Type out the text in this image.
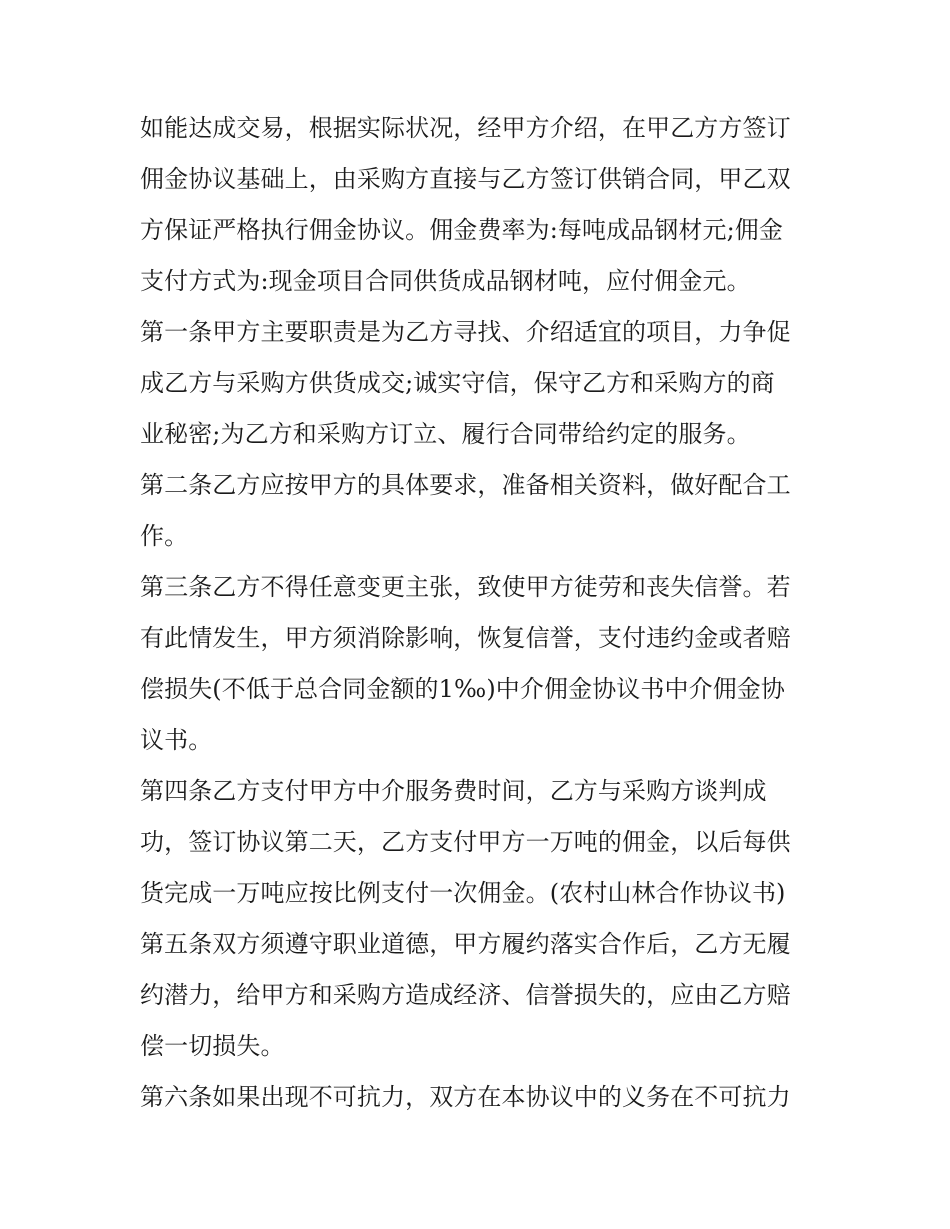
如能达成交易，根据实际状况，经甲方介绍，在甲乙方方签订
佣金协议基础上，由采购方直接与乙方签订供销合同，甲乙双
方保证严格执行佣金协议。佣金费率为:每吨成品钢材元;佣金
支付方式为:现金项目合同供货成品钢材吨，应付佣金元。
第一条甲方主要职责是为乙方寻找、介绍适宜的项目，力争促
成乙方与采购方供货成交;诚实守信，保守乙方和采购方的商
业秘密;为乙方和采购方订立、履行合同带给约定的服务。
第二条乙方应按甲方的具体要求，准备相关资料，做好配合工
作。
第三条乙方不得任意变更主张，致使甲方徒劳和丧失信誉。若
有此情发生，甲方须消除影响，恢复信誉，支付违约金或者赔
偿损失(不低于总合同金额的1‰)中介佣金协议书中介佣金协
议书。
第四条乙方支付甲方中介服务费时间，乙方与采购方谈判成
功，签订协议第二天，乙方支付甲方一万吨的佣金，以后每供
货完成一万吨应按比例支付一次佣金。(农村山林合作协议书)
第五条双方须遵守职业道德，甲方履约落实合作后，乙方无履
约潜力，给甲方和采购方造成经济、信誉损失的，应由乙方赔
偿一切损失。
第六条如果出现不可抗力，双方在本协议中的义务在不可抗力
